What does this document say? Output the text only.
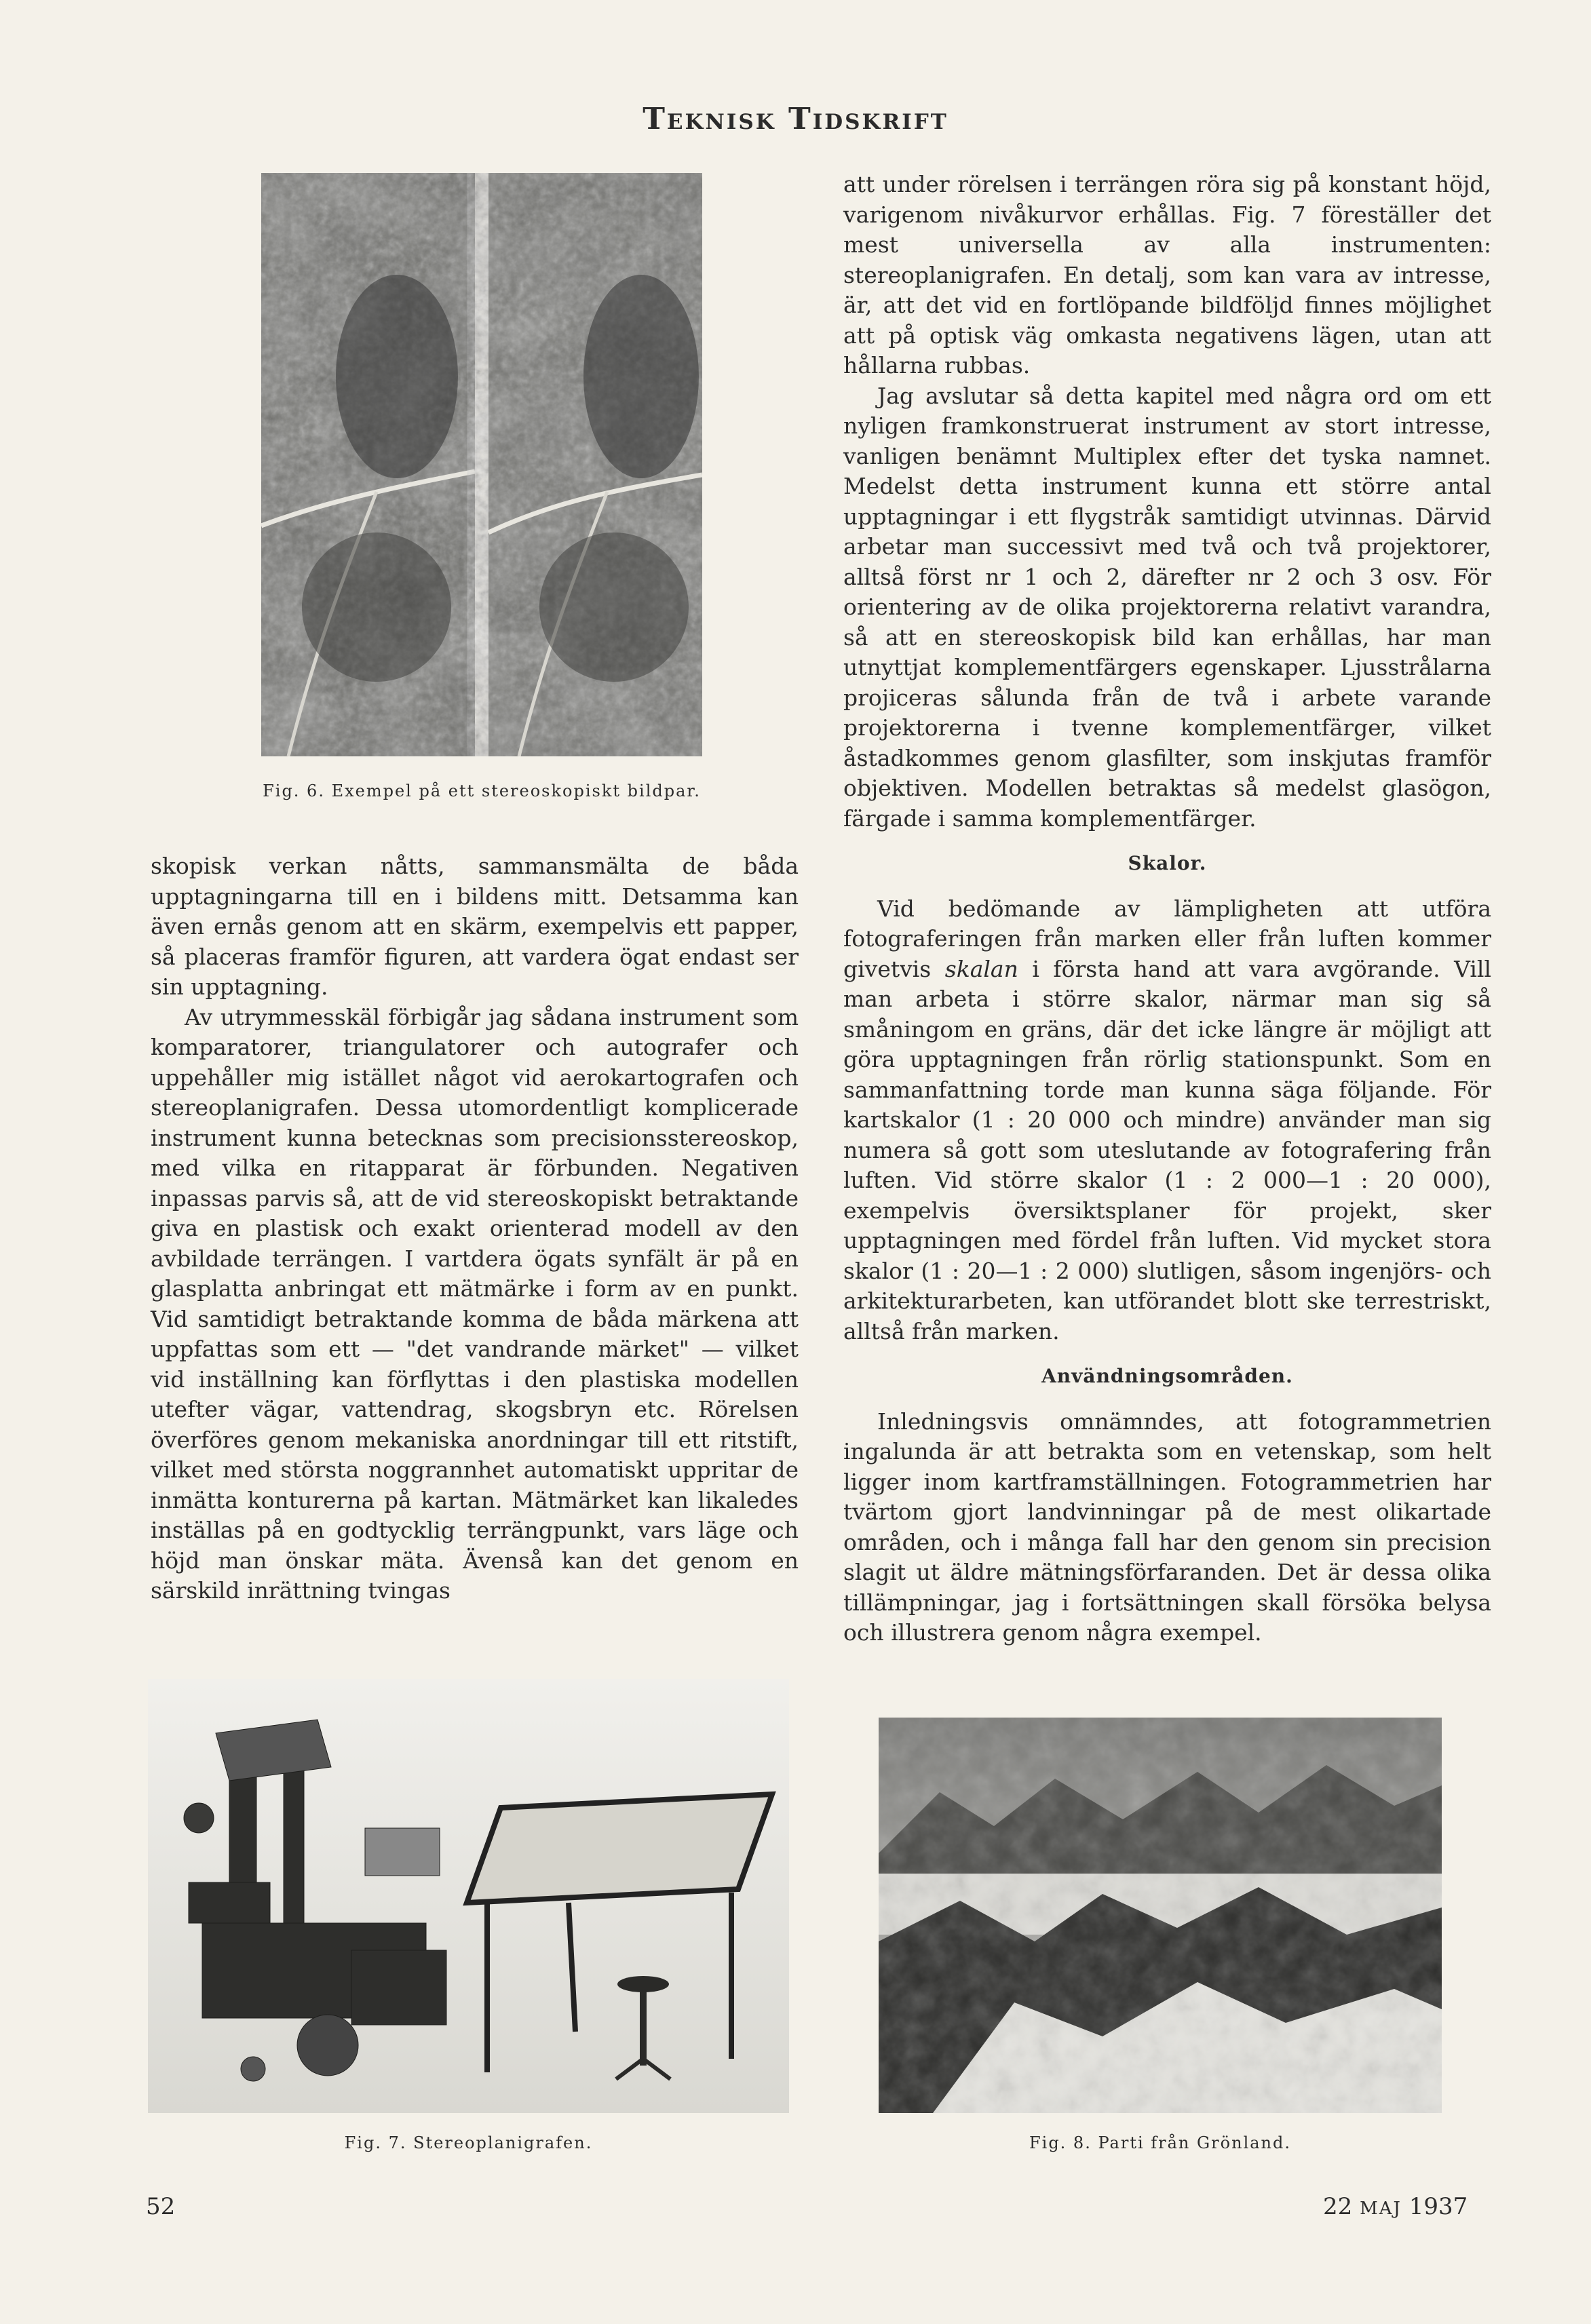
Teknisk Tidskrift
Fig. 6. Exempel på ett stereoskopiskt bildpar.

skopisk verkan nåtts, sammansmälta de båda upptagningarna till en i bildens mitt. Detsamma kan även ernås genom att en skärm, exempelvis ett papper, så placeras framför figuren, att vardera ögat endast ser sin upptagning.

Av utrymmesskäl förbigår jag sådana instrument som komparatorer, triangulatorer och autografer och uppehåller mig istället något vid aerokartografen och stereoplanigrafen. Dessa utomordentligt komplicerade instrument kunna betecknas som precisionsstereoskop, med vilka en ritapparat är förbunden. Negativen inpassas parvis så, att de vid stereoskopiskt betraktande giva en plastisk och exakt orienterad modell av den avbildade terrängen. I vartdera ögats synfält är på en glasplatta anbringat ett mätmärke i form av en punkt. Vid samtidigt betraktande komma de båda märkena att uppfattas som ett — "det vandrande märket" — vilket vid inställning kan förflyttas i den plastiska modellen utefter vägar, vattendrag, skogsbryn etc. Rörelsen överföres genom mekaniska anordningar till ett ritstift, vilket med största noggrannhet automatiskt uppritar de inmätta konturerna på kartan. Mätmärket kan likaledes inställas på en godtycklig terrängpunkt, vars läge och höjd man önskar mäta. Ävenså kan det genom en särskild inrättning tvingas

att under rörelsen i terrängen röra sig på konstant höjd, varigenom nivåkurvor erhållas. Fig. 7 föreställer det mest universella av alla instrumenten: stereoplanigrafen. En detalj, som kan vara av intresse, är, att det vid en fortlöpande bildföljd finnes möjlighet att på optisk väg omkasta negativens lägen, utan att hållarna rubbas.

Jag avslutar så detta kapitel med några ord om ett nyligen framkonstruerat instrument av stort intresse, vanligen benämnt Multiplex efter det tyska namnet. Medelst detta instrument kunna ett större antal upptagningar i ett flygstråk samtidigt utvinnas. Därvid arbetar man successivt med två och två projektorer, alltså först nr 1 och 2, därefter nr 2 och 3 osv. För orientering av de olika projektorerna relativt varandra, så att en stereoskopisk bild kan erhållas, har man utnyttjat komplementfärgers egenskaper. Ljusstrålarna projiceras sålunda från de två i arbete varande projektorerna i tvenne komplementfärger, vilket åstadkommes genom glasfilter, som inskjutas framför objektiven. Modellen betraktas så medelst glasögon, färgade i samma komplementfärger.

Skalor.

Vid bedömande av lämpligheten att utföra fotograferingen från marken eller från luften kommer givetvis skalan i första hand att vara avgörande. Vill man arbeta i större skalor, närmar man sig så småningom en gräns, där det icke längre är möjligt att göra upptagningen från rörlig stationspunkt. Som en sammanfattning torde man kunna säga följande. För kartskalor (1 : 20 000 och mindre) använder man sig numera så gott som uteslutande av fotografering från luften. Vid större skalor (1 : 2 000—1 : 20 000), exempelvis översiktsplaner för projekt, sker upptagningen med fördel från luften. Vid mycket stora skalor (1 : 20—1 : 2 000) slutligen, såsom ingenjörs- och arkitekturarbeten, kan utförandet blott ske terrestriskt, alltså från marken.

Användningsområden.

Inledningsvis omnämndes, att fotogrammetrien ingalunda är att betrakta som en vetenskap, som helt ligger inom kartframställningen. Fotogrammetrien har tvärtom gjort landvinningar på de mest olikartade områden, och i många fall har den genom sin precision slagit ut äldre mätningsförfaranden. Det är dessa olika tillämpningar, jag i fortsättningen skall försöka belysa och illustrera genom några exempel.

Fig. 7. Stereoplanigrafen.	Fig. 8. Parti från Grönland.
52	22 MAJ 1937
